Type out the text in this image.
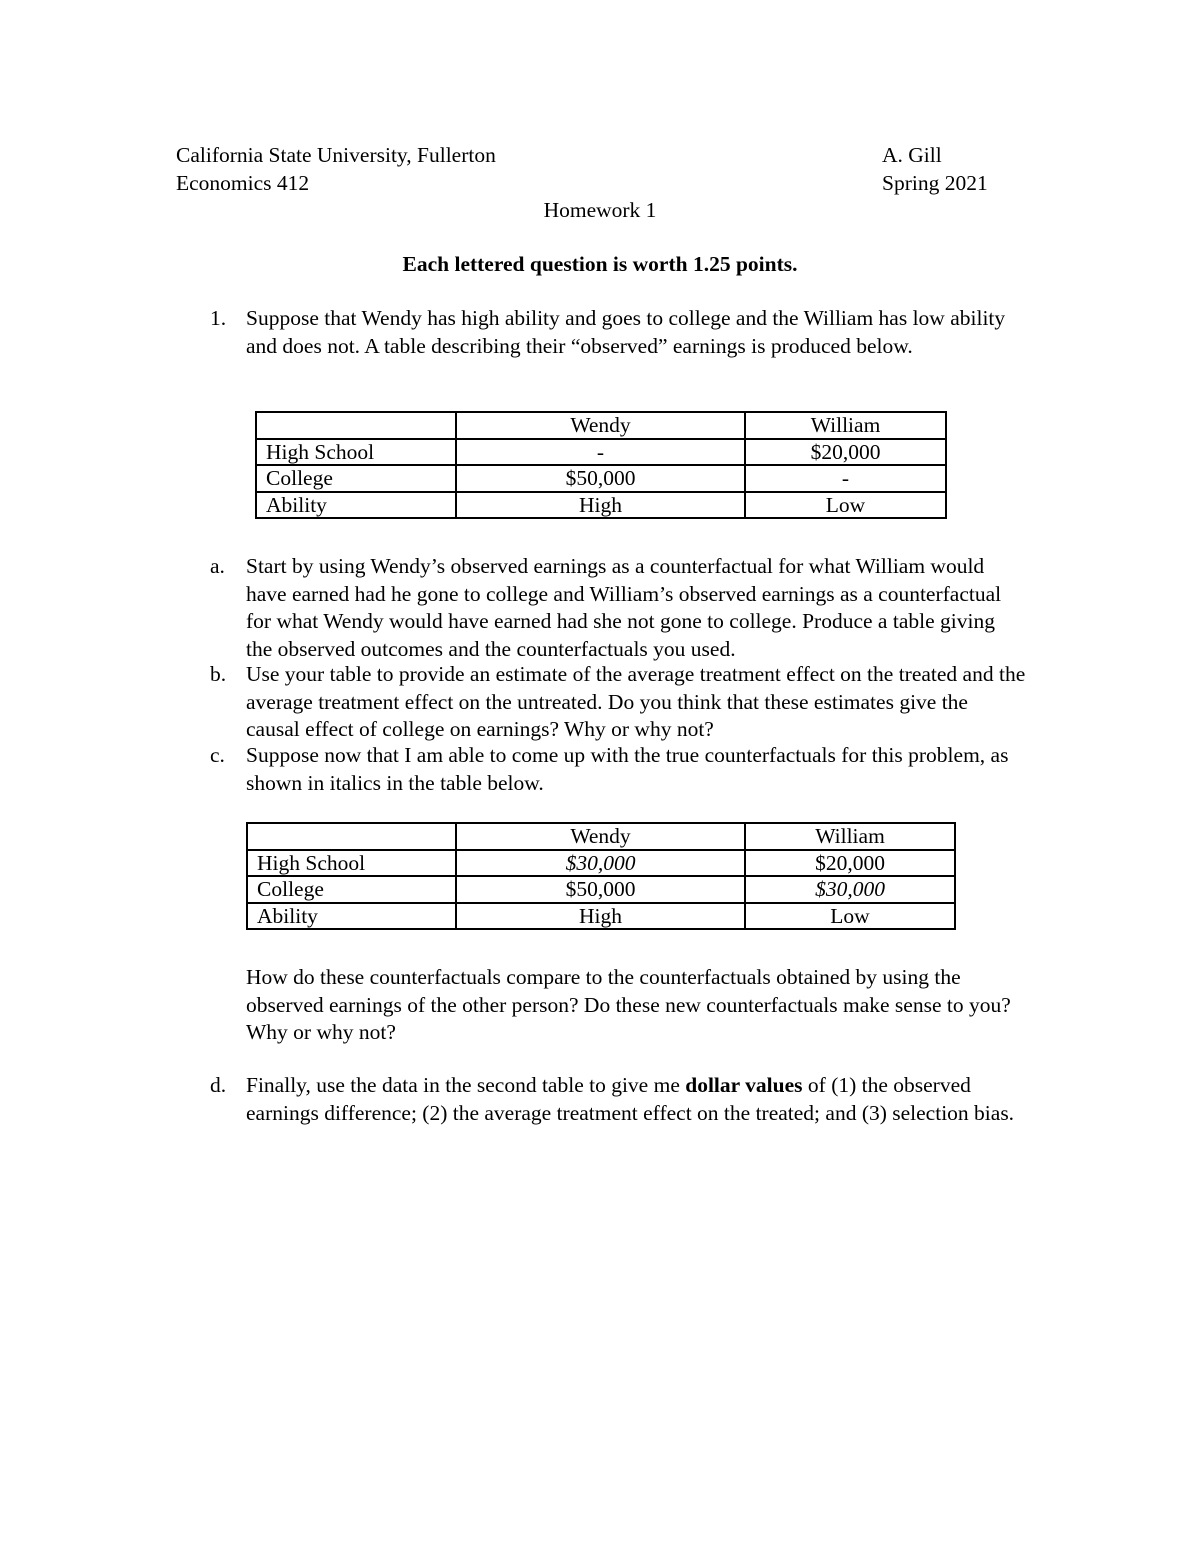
California State University, Fullerton
Economics 412
A. Gill
Spring 2021

Homework 1

Each lettered question is worth 1.25 points.

1. Suppose that Wendy has high ability and goes to college and the William has low ability and does not. A table describing their “observed” earnings is produced below.
	Wendy	William
High School	-	$20,000
College	$50,000	-
Ability	High	Low
a. Start by using Wendy’s observed earnings as a counterfactual for what William would have earned had he gone to college and William’s observed earnings as a counterfactual for what Wendy would have earned had she not gone to college. Produce a table giving the observed outcomes and the counterfactuals you used.
b. Use your table to provide an estimate of the average treatment effect on the treated and the average treatment effect on the untreated. Do you think that these estimates give the causal effect of college on earnings? Why or why not?
c. Suppose now that I am able to come up with the true counterfactuals for this problem, as shown in italics in the table below.
	Wendy	William
High School	$30,000	$20,000
College	$50,000	$30,000
Ability	High	Low
How do these counterfactuals compare to the counterfactuals obtained by using the observed earnings of the other person? Do these new counterfactuals make sense to you? Why or why not?
d. Finally, use the data in the second table to give me dollar values of (1) the observed earnings difference; (2) the average treatment effect on the treated; and (3) selection bias.
